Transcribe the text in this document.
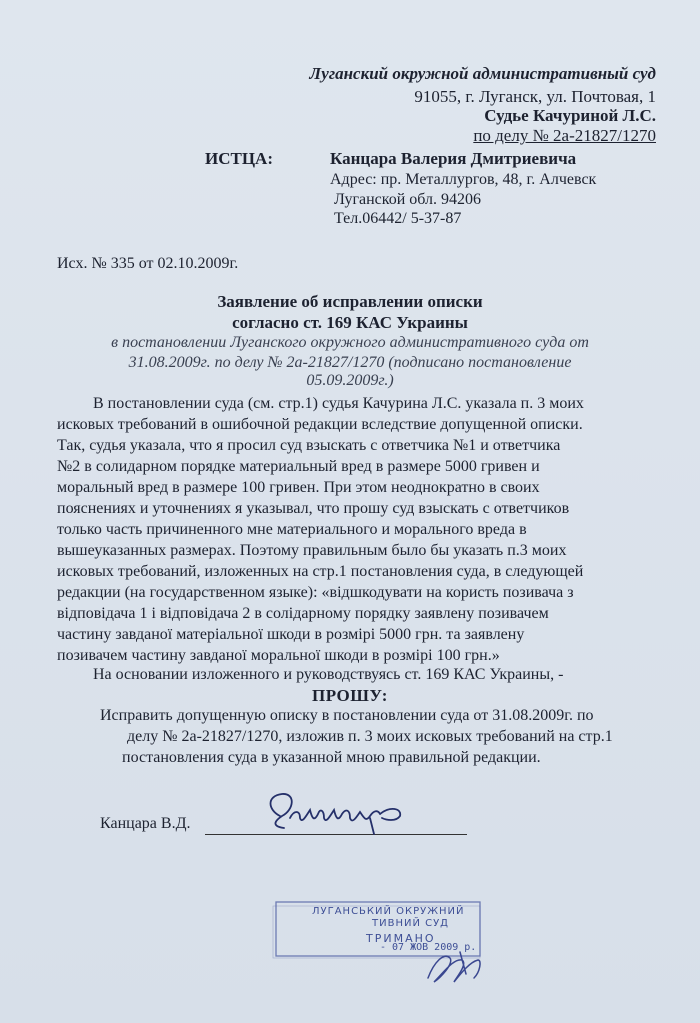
Луганский окружной административный суд
91055, г. Луганск, ул. Почтовая, 1
Судье Качуриной Л.С.
по делу № 2а-21827/1270
ИСТЦА:	Канцара Валерия Дмитриевича
Адрес: пр. Металлургов, 48, г. Алчевск
Луганской обл. 94206
Тел.06442/ 5-37-87
Исх. № 335 от 02.10.2009г.
Заявление об исправлении описки
согласно ст. 169 КАС Украины
в постановлении Луганского окружного административного суда от
31.08.2009г. по делу № 2а-21827/1270 (подписано постановление
05.09.2009г.)
В постановлении суда (см. стр.1) судья Качурина Л.С. указала п. 3 моих
исковых требований в ошибочной редакции вследствие допущенной описки.
Так, судья указала, что я просил суд взыскать с ответчика №1 и ответчика
№2 в солидарном порядке материальный вред в размере 5000 гривен и
моральный вред в размере 100 гривен. При этом неоднократно в своих
пояснениях и уточнениях я указывал, что прошу суд взыскать с ответчиков
только часть причиненного мне материального и морального вреда в
вышеуказанных размерах. Поэтому правильным было бы указать п.3 моих
исковых требований, изложенных на стр.1 постановления суда, в следующей
редакции (на государственном языке): «відшкодувати на користь позивача з
відповідача 1 і відповідача 2 в солідарному порядку заявлену позивачем
частину завданої матеріальної шкоди в розмірі 5000 грн. та заявлену
позивачем частину завданої моральної шкоди в розмірі 100 грн.»
На основании изложенного и руководствуясь ст. 169 КАС Украины, -
ПРОШУ:
Исправить допущенную описку в постановлении суда от 31.08.2009г. по
делу № 2а-21827/1270, изложив п. 3 моих исковых требований на стр.1
постановления суда в указанной мною правильной редакции.
Канцара В.Д.
ЛУГАНСЬКИЙ ОКРУЖНИЙ
ТИВНИЙ СУД
ТРИМАНО
- 07 ЖОВ 2009 р.
